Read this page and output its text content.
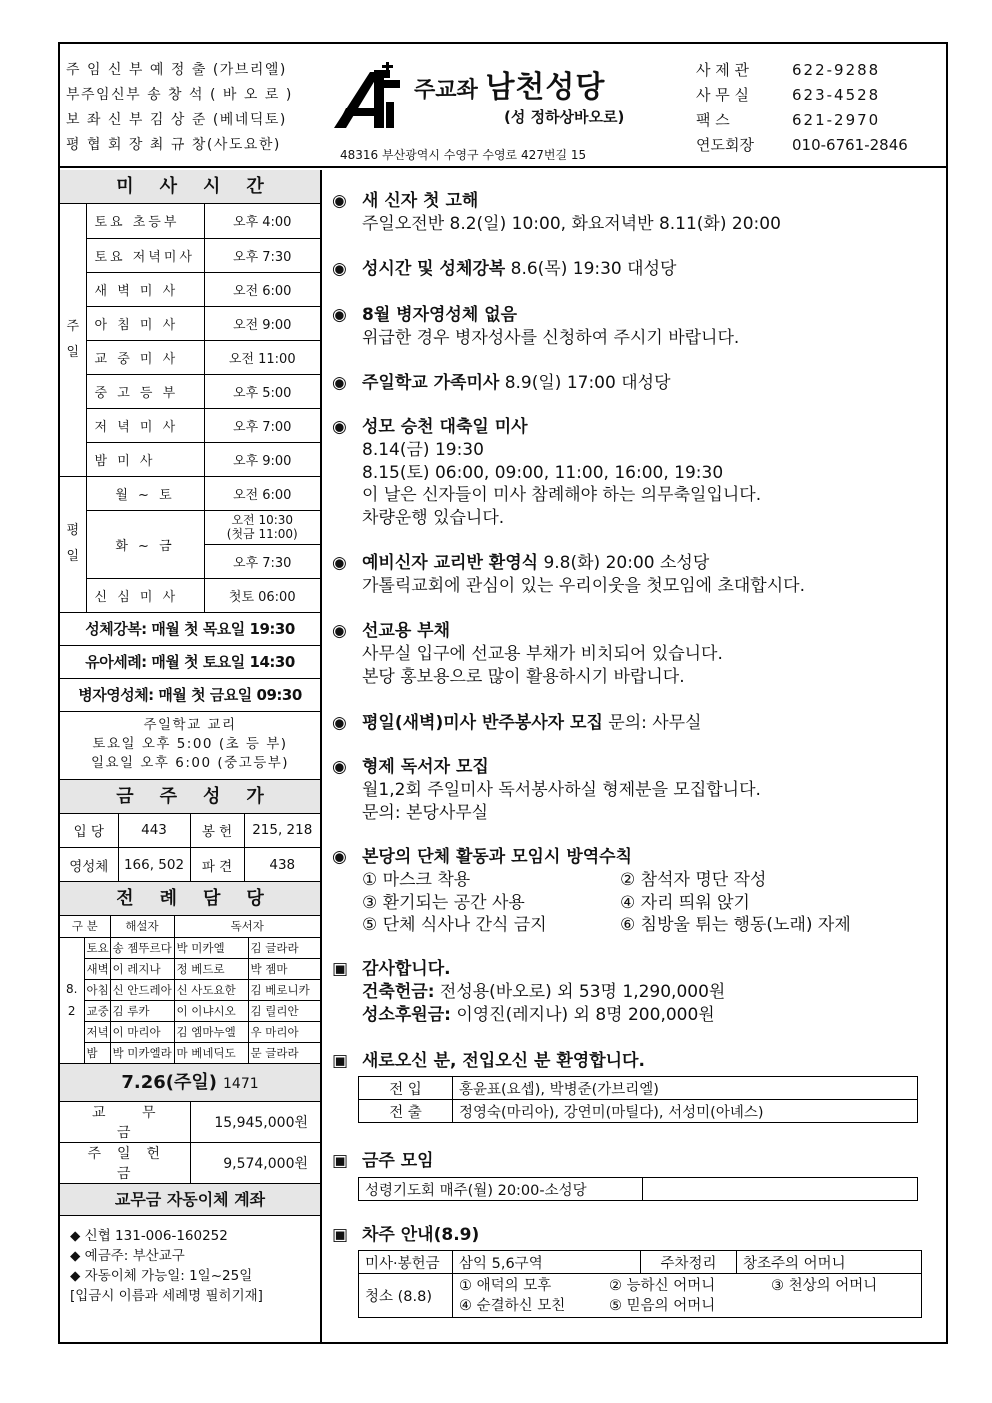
주 임 신 부 예 정 출 (가브리엘)
부주임신부 송 창 석 ( 바 오 로 )
보 좌 신 부 김 상 준 (베네딕토)
평 협 회 장 최 규 창(사도요한)
주교좌 남천성당
(성 정하상바오로)
48316 부산광역시 수영구 수영로 427번길 15
사 제 관	622-9288
사 무 실	623-4528
팩 스	621-2970
연도회장	010-6761-2846
미사시간
주
일	토요 초등부	오후 4:00
	토요 저녁미사	오후 7:30
	새 벽 미 사	오전 6:00
	아 침 미 사	오전 9:00
	교 중 미 사	오전 11:00
	중 고 등 부	오후 5:00
	저 녁 미 사	오후 7:00
	밤 미 사	오후 9:00
평
일	월 ~ 토	오전 6:00
	화 ~ 금	오전 10:30
(첫금 11:00)

		오후 7:30
	신 심 미 사	첫토 06:00
성체강복: 매월 첫 목요일 19:30
유아세례: 매월 첫 토요일 14:30
병자영성체: 매월 첫 금요일 09:30
주일학교 교리
토요일 오후 5:00 (초 등 부)
일요일 오후 6:00 (중고등부)
금주성가
입 당	443	봉 헌	215, 218
영성체	166, 502	파 견	438
전례담당
구 분		해설자	독서자	
8.
2	토요	송 젬뚜르다	박 미카엘	김 글라라
	새벽	이 레지나	정 베드로	박 젬마
	아침	신 안드레아	신 사도요한	김 베로니카
	교중	김 루카	이 이냐시오	김 릴리안
	저녁	이 마리아	김 엠마누엘	우 마리아
	밤	박 미카엘라	마 베네딕도	문 글라라
7.26(주일) 1471
교 무 금	15,945,000원
주일헌금	9,574,000원
교무금 자동이체 계좌
◆ 신협 131-006-160252
◆ 예금주: 부산교구
◆ 자동이체 가능일: 1일~25일
[입금시 이름과 세례명 필히기재]
◉ 새 신자 첫 고해
주일오전반 8.2(일) 10:00, 화요저녁반 8.11(화) 20:00
◉ 성시간 및 성체강복 8.6(목) 19:30 대성당
◉ 8월 병자영성체 없음
위급한 경우 병자성사를 신청하여 주시기 바랍니다.
◉ 주일학교 가족미사 8.9(일) 17:00 대성당
◉ 성모 승천 대축일 미사
8.14(금) 19:30
8.15(토) 06:00, 09:00, 11:00, 16:00, 19:30
이 날은 신자들이 미사 참례해야 하는 의무축일입니다.
차량운행 있습니다.
◉ 예비신자 교리반 환영식 9.8(화) 20:00 소성당
가톨릭교회에 관심이 있는 우리이웃을 첫모임에 초대합시다.
◉ 선교용 부채
사무실 입구에 선교용 부채가 비치되어 있습니다.
본당 홍보용으로 많이 활용하시기 바랍니다.
◉ 평일(새벽)미사 반주봉사자 모집 문의: 사무실
◉ 형제 독서자 모집
월1,2회 주일미사 독서봉사하실 형제분을 모집합니다.
문의: 본당사무실
◉ 본당의 단체 활동과 모임시 방역수칙
① 마스크 착용	② 참석자 명단 작성
③ 환기되는 공간 사용	④ 자리 띄워 앉기
⑤ 단체 식사나 간식 금지	⑥ 침방울 튀는 행동(노래) 자제
▣ 감사합니다.
건축헌금: 전성용(바오로) 외 53명 1,290,000원
성소후원금: 이영진(레지나) 외 8명 200,000원
▣ 새로오신 분, 전입오신 분 환영합니다.
전 입	홍윤표(요셉), 박병준(가브리엘)
전 출	정영숙(마리아), 강연미(마틸다), 서성미(아녜스)
▣ 금주 모임
성령기도회 매주(월) 20:00-소성당	
▣ 차주 안내(8.9)
미사·봉헌금	삼익 5,6구역	주차정리	창조주의 어머니
청소 (8.8)	① 애덕의 모후 ② 능하신 어머니 ③ 천상의 어머니
④ 순결하신 모친 ⑤ 믿음의 어머니		
